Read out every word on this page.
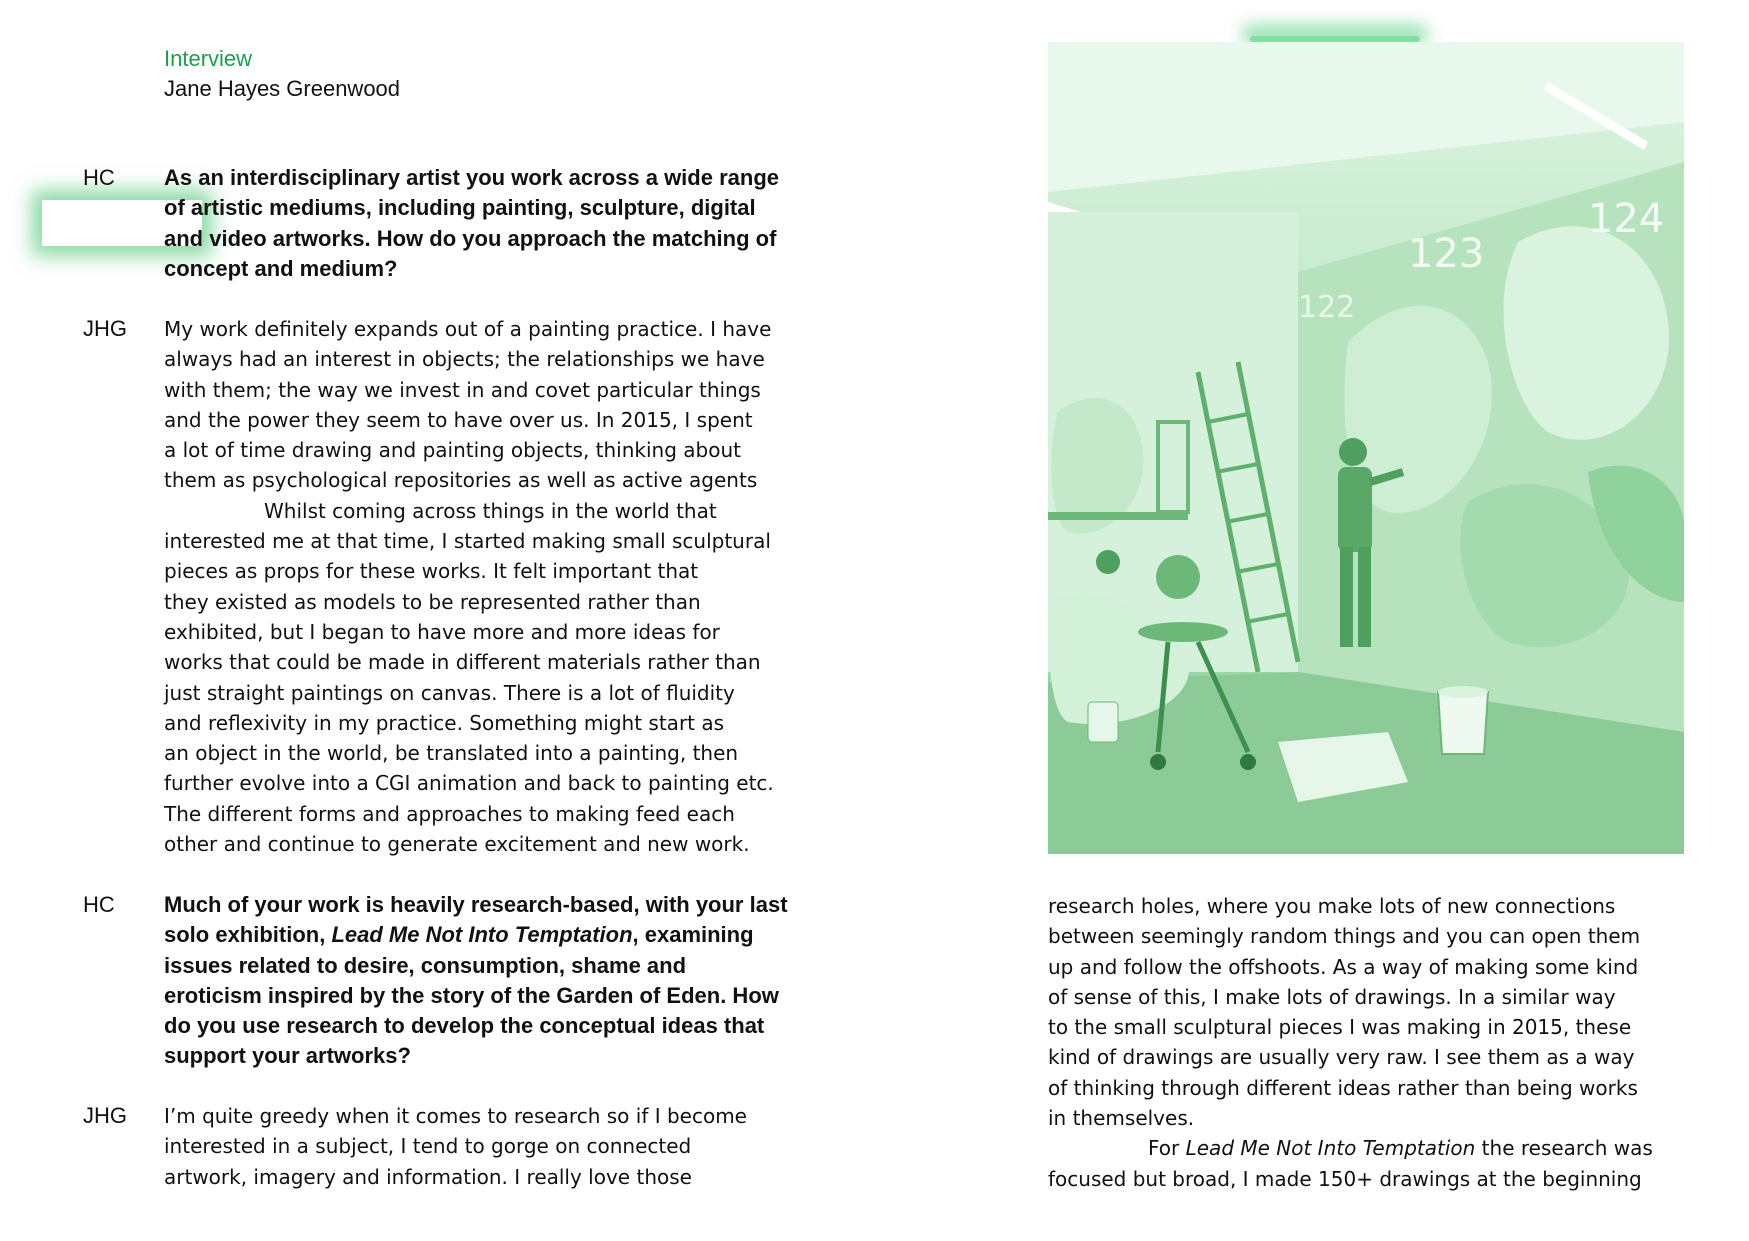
Interview
Jane Hayes Greenwood
HC As an interdisciplinary artist you work across a wide range
of artistic mediums, including painting, sculpture, digital
and video artworks. How do you approach the matching of
concept and medium?
JHG My work definitely expands out of a painting practice. I have
always had an interest in objects; the relationships we have
with them; the way we invest in and covet particular things
and the power they seem to have over us. In 2015, I spent
a lot of time drawing and painting objects, thinking about
them as psychological repositories as well as active agents
Whilst coming across things in the world that
interested me at that time, I started making small sculptural
pieces as props for these works. It felt important that
they existed as models to be represented rather than
exhibited, but I began to have more and more ideas for
works that could be made in different materials rather than
just straight paintings on canvas. There is a lot of fluidity
and reflexivity in my practice. Something might start as
an object in the world, be translated into a painting, then
further evolve into a CGI animation and back to painting etc.
The different forms and approaches to making feed each
other and continue to generate excitement and new work.
HC Much of your work is heavily research-based, with your last
solo exhibition, Lead Me Not Into Temptation, examining
issues related to desire, consumption, shame and
eroticism inspired by the story of the Garden of Eden. How
do you use research to develop the conceptual ideas that
support your artworks?
JHG I’m quite greedy when it comes to research so if I become
interested in a subject, I tend to gorge on connected
artwork, imagery and information. I really love those
123
124
122
research holes, where you make lots of new connections
between seemingly random things and you can open them
up and follow the offshoots. As a way of making some kind
of sense of this, I make lots of drawings. In a similar way
to the small sculptural pieces I was making in 2015, these
kind of drawings are usually very raw. I see them as a way
of thinking through different ideas rather than being works
in themselves.
For Lead Me Not Into Temptation the research was
focused but broad, I made 150+ drawings at the beginning
